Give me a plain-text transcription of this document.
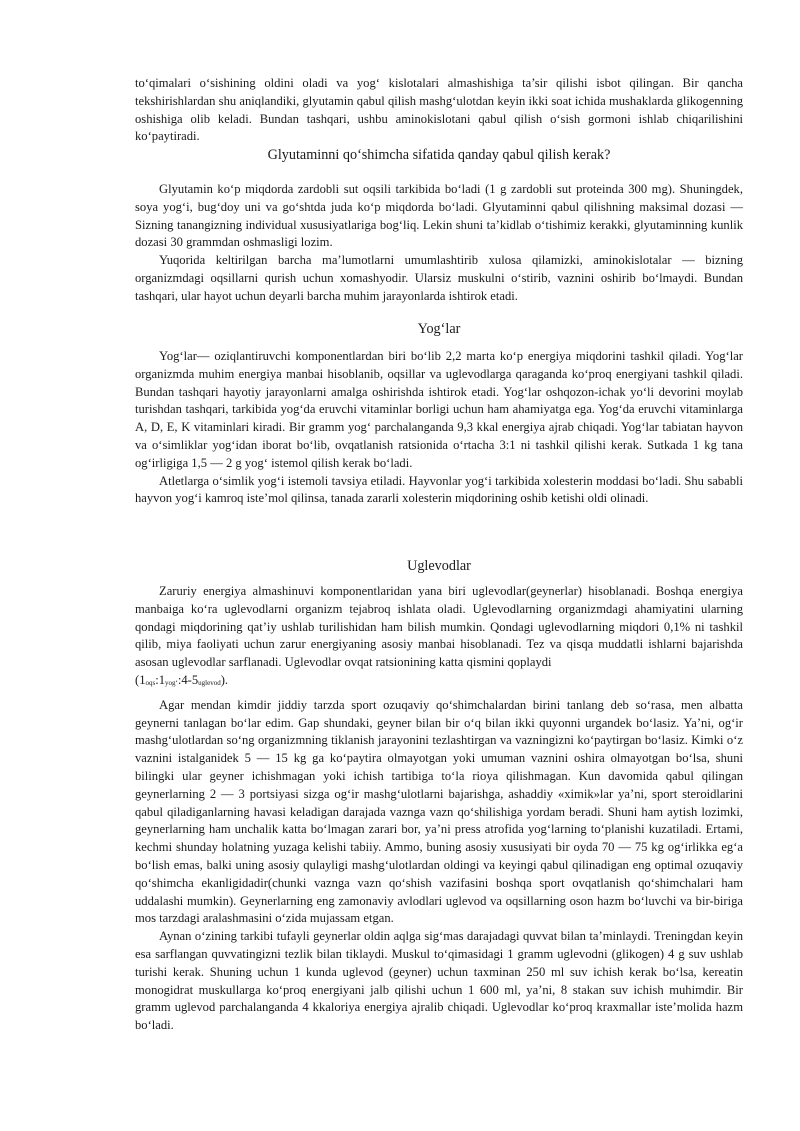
to‘qimalari o‘sishining oldini oladi va yog‘ kislotalari almashishiga ta’sir qilishi isbot qilingan. Bir qancha tekshirishlardan shu aniqlandiki, glyutamin qabul qilish mashg‘ulotdan keyin ikki soat ichida mushaklarda glikogenning oshishiga olib keladi. Bundan tashqari, ushbu aminokislotani qabul qilish o‘sish gormoni ishlab chiqarilishini ko‘paytiradi.

Glyutaminni qo‘shimcha sifatida qanday qabul qilish kerak?

Glyutamin ko‘p miqdorda zardobli sut oqsili tarkibida bo‘ladi (1 g zardobli sut proteinda 300 mg). Shuningdek, soya yog‘i, bug‘doy uni va go‘shtda juda ko‘p miqdorda bo‘ladi. Glyutaminni qabul qilishning maksimal dozasi — Sizning tanangizning individual xususiyatlariga bog‘liq. Lekin shuni ta’kidlab o‘tishimiz kerakki, glyutaminning kunlik dozasi 30 grammdan oshmasligi lozim.

Yuqorida keltirilgan barcha ma’lumotlarni umumlashtirib xulosa qilamizki, aminokislotalar — bizning organizmdagi oqsillarni qurish uchun xomashyodir. Ularsiz muskulni o‘stirib, vaznini oshirib bo‘lmaydi. Bundan tashqari, ular hayot uchun deyarli barcha muhim jarayonlarda ishtirok etadi.

Yog‘lar

Yog‘lar— oziqlantiruvchi komponentlardan biri bo‘lib 2,2 marta ko‘p energiya miqdorini tashkil qiladi. Yog‘lar organizmda muhim energiya manbai hisoblanib, oqsillar va uglevodlarga qaraganda ko‘proq energiyani tashkil qiladi. Bundan tashqari hayotiy jarayonlarni amalga oshirishda ishtirok etadi. Yog‘lar oshqozon-ichak yo‘li devorini moylab turishdan tashqari, tarkibida yog‘da eruvchi vitaminlar borligi uchun ham ahamiyatga ega. Yog‘da eruvchi vitaminlarga A, D, E, K vitaminlari kiradi. Bir gramm yog‘ parchalanganda 9,3 kkal energiya ajrab chiqadi. Yog‘lar tabiatan hayvon va o‘simliklar yog‘idan iborat bo‘lib, ovqatlanish ratsionida o‘rtacha 3:1 ni tashkil qilishi kerak. Sutkada 1 kg tana og‘irligiga 1,5 — 2 g yog‘ istemol qilish kerak bo‘ladi.

Atletlarga o‘simlik yog‘i istemoli tavsiya etiladi. Hayvonlar yog‘i tarkibida xolesterin moddasi bo‘ladi. Shu sababli hayvon yog‘i kamroq iste’mol qilinsa, tanada zararli xolesterin miqdorining oshib ketishi oldi olinadi.

Uglevodlar

Zaruriy energiya almashinuvi komponentlaridan yana biri uglevodlar(geynerlar) hisoblanadi. Boshqa energiya manbaiga ko‘ra uglevodlarni organizm tejabroq ishlata oladi. Uglevodlarning organizmdagi ahamiyatini ularning qondagi miqdorining qat’iy ushlab turilishidan ham bilish mumkin. Qondagi uglevodlarning miqdori 0,1% ni tashkil qilib, miya faoliyati uchun zarur energiyaning asosiy manbai hisoblanadi. Tez va qisqa muddatli ishlarni bajarishda asosan uglevodlar sarflanadi. Uglevodlar ovqat ratsionining katta qismini qoplaydi

$(1_{oqs}:1_{yog‘}:4-5_{uglevod})$.

Agar mendan kimdir jiddiy tarzda sport ozuqaviy qo‘shimchalardan birini tanlang deb so‘rasa, men albatta geynerni tanlagan bo‘lar edim. Gap shundaki, geyner bilan bir o‘q bilan ikki quyonni urgandek bo‘lasiz. Ya’ni, og‘ir mashg‘ulotlardan so‘ng organizmning tiklanish jarayonini tezlashtirgan va vazningizni ko‘paytirgan bo‘lasiz. Kimki o‘z vaznini istalganidek 5 — 15 kg ga ko‘paytira olmayotgan yoki umuman vaznini oshira olmayotgan bo‘lsa, shuni bilingki ular geyner ichishmagan yoki ichish tartibiga to‘la rioya qilishmagan. Kun davomida qabul qilingan geynerlarning 2 — 3 portsiyasi sizga og‘ir mashg‘ulotlarni bajarishga, ashaddiy «ximik»lar ya’ni, sport steroidlarini qabul qiladiganlarning havasi keladigan darajada vaznga vazn qo‘shilishiga yordam beradi. Shuni ham aytish lozimki, geynerlarning ham unchalik katta bo‘lmagan zarari bor, ya’ni press atrofida yog‘larning to‘planishi kuzatiladi. Ertami, kechmi shunday holatning yuzaga kelishi tabiiy. Ammo, buning asosiy xususiyati bir oyda 70 — 75 kg og‘irlikka eg‘a bo‘lish emas, balki uning asosiy qulayligi mashg‘ulotlardan oldingi va keyingi qabul qilinadigan eng optimal ozuqaviy qo‘shimcha ekanligidadir(chunki vaznga vazn qo‘shish vazifasini boshqa sport ovqatlanish qo‘shimchalari ham uddalashi mumkin). Geynerlarning eng zamonaviy avlodlari uglevod va oqsillarning oson hazm bo‘luvchi va bir-biriga mos tarzdagi aralashmasini o‘zida mujassam etgan.

Aynan o‘zining tarkibi tufayli geynerlar oldin aqlga sig‘mas darajadagi quvvat bilan ta’minlaydi. Treningdan keyin esa sarflangan quvvatingizni tezlik bilan tiklaydi. Muskul to‘qimasidagi 1 gramm uglevodni (glikogen) 4 g suv ushlab turishi kerak. Shuning uchun 1 kunda uglevod (geyner) uchun taxminan 250 ml suv ichish kerak bo‘lsa, kereatin monogidrat muskullarga ko‘proq energiyani jalb qilishi uchun 1 600 ml, ya’ni, 8 stakan suv ichish muhimdir. Bir gramm uglevod parchalanganda 4 kkaloriya energiya ajralib chiqadi. Uglevodlar ko‘proq kraxmallar iste’molida hazm bo‘ladi.
